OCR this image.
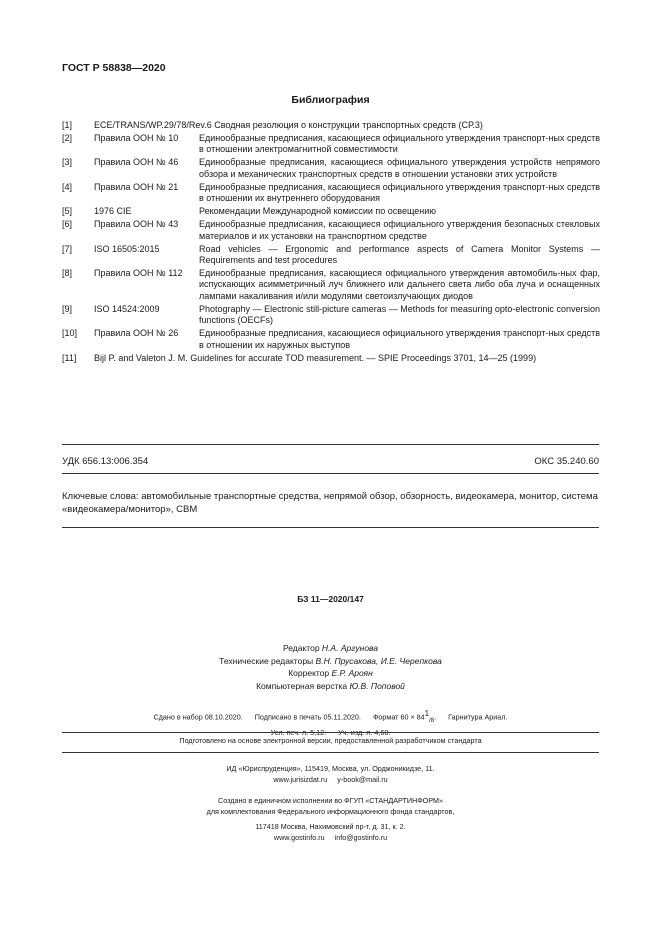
ГОСТ Р 58838—2020
Библиография
[1]	ECE/TRANS/WP.29/78/Rev.6 Сводная резолюция о конструкции транспортных средств (СР.3)
[2]	Правила ООН № 10	Единообразные предписания, касающиеся официального утверждения транспорт-ных средств в отношении электромагнитной совместимости
[3]	Правила ООН № 46	Единообразные предписания, касающиеся официального утверждения устройств непрямого обзора и механических транспортных средств в отношении установки этих устройств
[4]	Правила ООН № 21	Единообразные предписания, касающиеся официального утверждения транспорт-ных средств в отношении их внутреннего оборудования
[5]	1976 CIE	Рекомендации Международной комиссии по освещению
[6]	Правила ООН № 43	Единообразные предписания, касающиеся официального утверждения безопасных стекловых материалов и их установки на транспортном средстве
[7]	ISO 16505:2015	Road vehicles — Ergonomic and performance aspects of Camera Monitor Systems — Requirements and test procedures
[8]	Правила ООН № 112	Единообразные предписания, касающиеся официального утверждения автомобиль-ных фар, испускающих асимметричный луч ближнего или дальнего света либо оба луча и оснащенных лампами накаливания и/или модулями светоизлучающих диодов
[9]	ISO 14524:2009	Photography — Electronic still-picture cameras — Methods for measuring opto-electronic conversion functions (OECFs)
[10]	Правила ООН № 26	Единообразные предписания, касающиеся официального утверждения транспорт-ных средств в отношении их наружных выступов
[11]	Bijl P. and Valeton J. M. Guidelines for accurate TOD measurement. — SPIE Proceedings 3701, 14—25 (1999)
УДК 656.13:006.354	ОКС 35.240.60
Ключевые слова: автомобильные транспортные средства, непрямой обзор, обзорность, видеокамера, монитор, система «видеокамера/монитор», CBM
БЗ 11—2020/147
Редактор Н.А. Аргунова
Технические редакторы В.Н. Прусакова, И.Е. Черепкова
Корректор Е.Р. Ароян
Компьютерная верстка Ю.В. Поповой
Сдано в набор 08.10.2020. Подписано в печать 05.11.2020. Формат $60 \times 84^1_{/8}$. Гарнитура Ариал.
Усл. печ. л. 5,12. Уч.-изд. л. 4,60.
Подготовлено на основе электронной версии, предоставленной разработчиком стандарта
ИД «Юриспруденция», 115419, Москва, ул. Орджоникидзе, 11.
www.jurisizdat.ru y-book@mail.ru
Создано в единичном исполнении во ФГУП «СТАНДАРТИНФОРМ»
для комплектования Федерального информационного фонда стандартов,
117418 Москва, Нахимовский пр-т, д. 31, к. 2.
www.gostinfo.ru info@gostinfo.ru
